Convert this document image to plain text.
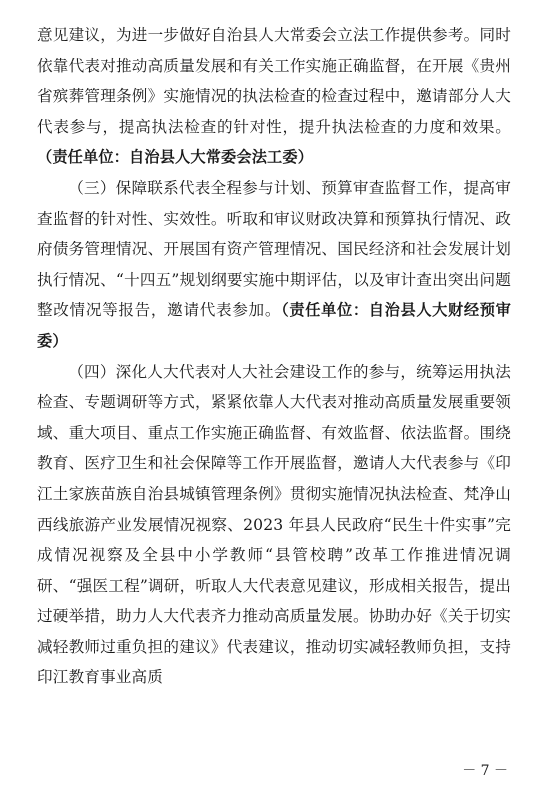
意见建议，为进一步做好自治县人大常委会立法工作提供参考。同时依靠代表对推动高质量发展和有关工作实施正确监督，在开展《贵州省殡葬管理条例》实施情况的执法检查的检查过程中，邀请部分人大代表参与，提高执法检查的针对性，提升执法检查的力度和效果。（责任单位：自治县人大常委会法工委）

（三）保障联系代表全程参与计划、预算审查监督工作，提高审查监督的针对性、实效性。听取和审议财政决算和预算执行情况、政府债务管理情况、开展国有资产管理情况、国民经济和社会发展计划执行情况、“十四五”规划纲要实施中期评估，以及审计查出突出问题整改情况等报告，邀请代表参加。（责任单位：自治县人大财经预审委）

（四）深化人大代表对人大社会建设工作的参与，统筹运用执法检查、专题调研等方式，紧紧依靠人大代表对推动高质量发展重要领域、重大项目、重点工作实施正确监督、有效监督、依法监督。围绕教育、医疗卫生和社会保障等工作开展监督，邀请人大代表参与《印江土家族苗族自治县城镇管理条例》贯彻实施情况执法检查、梵净山西线旅游产业发展情况视察、2023 年县人民政府“民生十件实事”完成情况视察及全县中小学教师“县管校聘”改革工作推进情况调研、“强医工程”调研，听取人大代表意见建议，形成相关报告，提出过硬举措，助力人大代表齐力推动高质量发展。协助办好《关于切实减轻教师过重负担的建议》代表建议，推动切实减轻教师负担，支持印江教育事业高质

－ 7 －
